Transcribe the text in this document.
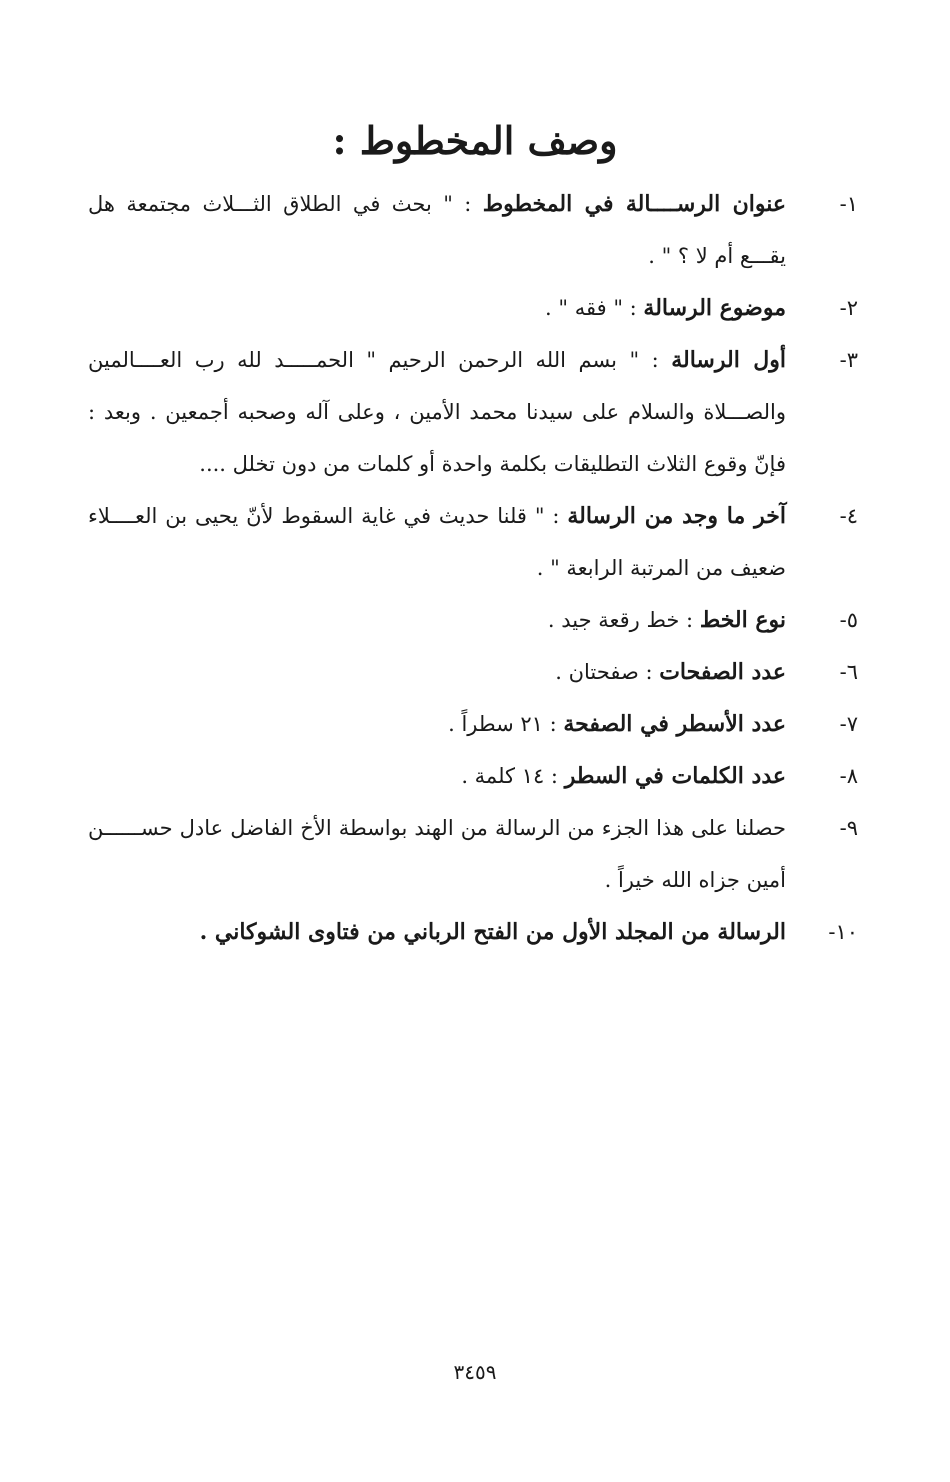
وصف المخطوط :
١-
عنوان الرســــالة في المخطوط : " بحث في الطلاق الثـــلاث مجتمعة هل يقـــع أم لا ؟ " .
٢-
موضوع الرسالة : " فقه " .
٣-
أول الرسالة : " بسم الله الرحمن الرحيم " الحمـــــد لله رب العــــالمين والصـــلاة والسلام على سيدنا محمد الأمين ، وعلى آله وصحبه أجمعين . وبعد : فإنّ وقوع الثلاث التطليقات بكلمة واحدة أو كلمات من دون تخلل ....
٤-
آخر ما وجد من الرسالة : " قلنا حديث في غاية السقوط لأنّ يحيى بن العــــلاء ضعيف من المرتبة الرابعة " .
٥-
نوع الخط : خط رقعة جيد .
٦-
عدد الصفحات : صفحتان .
٧-
عدد الأسطر في الصفحة : ٢١ سطراً .
٨-
عدد الكلمات في السطر : ١٤ كلمة .
٩-
حصلنا على هذا الجزء من الرسالة من الهند بواسطة الأخ الفاضل عادل حســــــن أمين جزاه الله خيراً .
١٠-
الرسالة من المجلد الأول من الفتح الرباني من فتاوى الشوكاني .
٣٤٥٩
